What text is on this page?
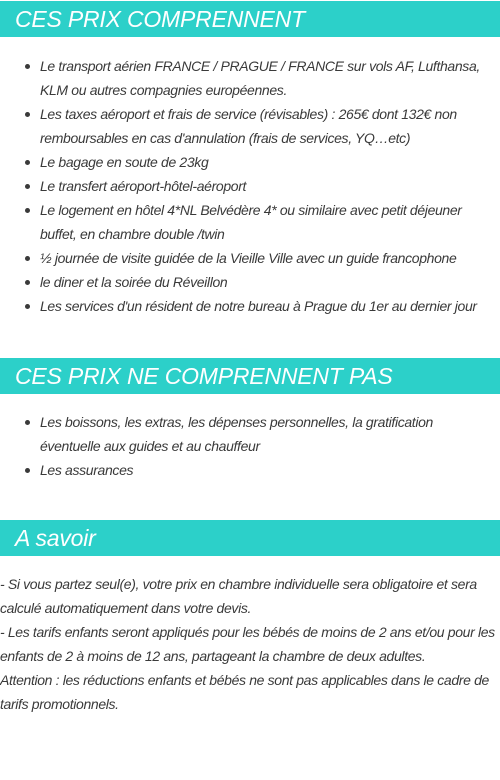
CES PRIX COMPRENNENT
Le transport aérien FRANCE / PRAGUE / FRANCE sur vols AF, Lufthansa, KLM ou autres compagnies européennes.
Les taxes aéroport et frais de service (révisables) : 265€ dont 132€ non remboursables en cas d'annulation (frais de services, YQ…etc)
Le bagage en soute de 23kg
Le transfert aéroport-hôtel-aéroport
Le logement en hôtel 4*NL Belvédère 4* ou similaire avec petit déjeuner buffet, en chambre double /twin
½ journée de visite guidée de la Vieille Ville avec un guide francophone
le diner et la soirée du Réveillon
Les services d'un résident de notre bureau à Prague du 1er au dernier jour
CES PRIX NE COMPRENNENT PAS
Les boissons, les extras, les dépenses personnelles, la gratification éventuelle aux guides et au chauffeur
Les assurances
A savoir

- Si vous partez seul(e), votre prix en chambre individuelle sera obligatoire et sera calculé automatiquement dans votre devis.

- Les tarifs enfants seront appliqués pour les bébés de moins de 2 ans et/ou pour les enfants de 2 à moins de 12 ans, partageant la chambre de deux adultes.

Attention : les réductions enfants et bébés ne sont pas applicables dans le cadre de tarifs promotionnels.
